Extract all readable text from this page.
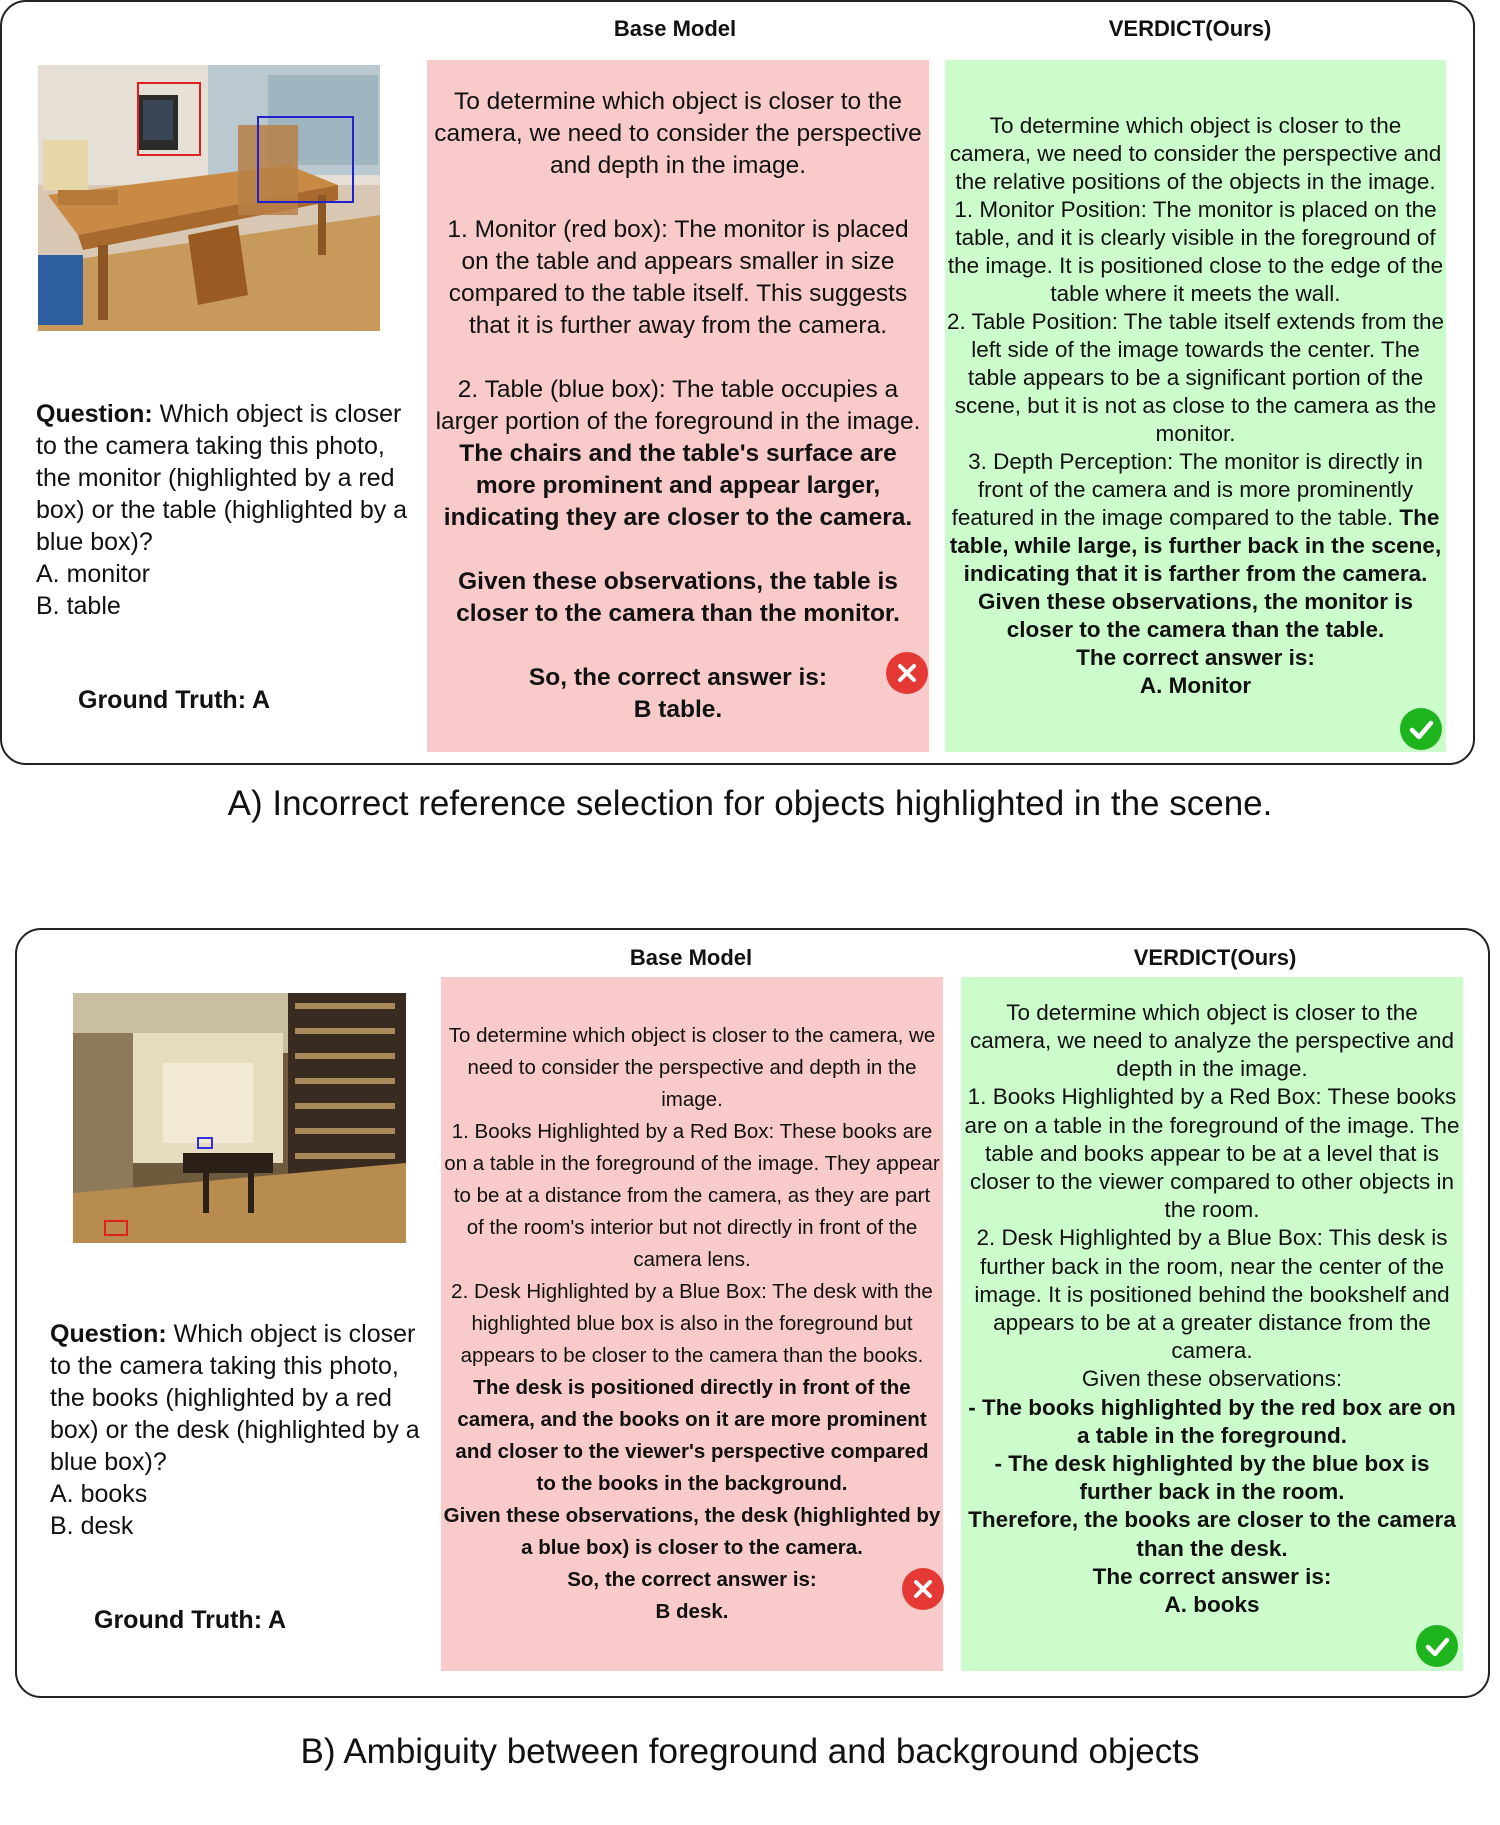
Base Model	VERDICT(Ours)
Question: Which object is closer to the camera taking this photo, the monitor (highlighted by a red box) or the table (highlighted by a blue box)?
A. monitor
B. table
Ground Truth: A
To determine which object is closer to the camera, we need to consider the perspective and depth in the image.
1. Monitor (red box): The monitor is placed on the table and appears smaller in size compared to the table itself. This suggests that it is further away from the camera.
2. Table (blue box): The table occupies a larger portion of the foreground in the image. The chairs and the table's surface are more prominent and appear larger, indicating they are closer to the camera.
Given these observations, the table is closer to the camera than the monitor.
So, the correct answer is:
B table.
To determine which object is closer to the camera, we need to consider the perspective and the relative positions of the objects in the image.
1. Monitor Position: The monitor is placed on the table, and it is clearly visible in the foreground of the image. It is positioned close to the edge of the table where it meets the wall.
2. Table Position: The table itself extends from the left side of the image towards the center. The table appears to be a significant portion of the scene, but it is not as close to the camera as the monitor.
3. Depth Perception: The monitor is directly in front of the camera and is more prominently featured in the image compared to the table. The table, while large, is further back in the scene, indicating that it is farther from the camera.
Given these observations, the monitor is closer to the camera than the table.
The correct answer is:
A. Monitor
A) Incorrect reference selection for objects highlighted in the scene.
Base Model	VERDICT(Ours)
Question: Which object is closer to the camera taking this photo, the books (highlighted by a red box) or the desk (highlighted by a blue box)?
A. books
B. desk
Ground Truth: A
To determine which object is closer to the camera, we need to consider the perspective and depth in the image.
1. Books Highlighted by a Red Box: These books are on a table in the foreground of the image. They appear to be at a distance from the camera, as they are part of the room's interior but not directly in front of the camera lens.
2. Desk Highlighted by a Blue Box: The desk with the highlighted blue box is also in the foreground but appears to be closer to the camera than the books. The desk is positioned directly in front of the camera, and the books on it are more prominent and closer to the viewer's perspective compared to the books in the background.
Given these observations, the desk (highlighted by a blue box) is closer to the camera.
So, the correct answer is:
B desk.
To determine which object is closer to the camera, we need to analyze the perspective and depth in the image.
1. Books Highlighted by a Red Box: These books are on a table in the foreground of the image. The table and books appear to be at a level that is closer to the viewer compared to other objects in the room.
2. Desk Highlighted by a Blue Box: This desk is further back in the room, near the center of the image. It is positioned behind the bookshelf and appears to be at a greater distance from the camera.
Given these observations:
- The books highlighted by the red box are on a table in the foreground.
- The desk highlighted by the blue box is further back in the room.
Therefore, the books are closer to the camera than the desk.
The correct answer is:
A. books
B) Ambiguity between foreground and background objects
